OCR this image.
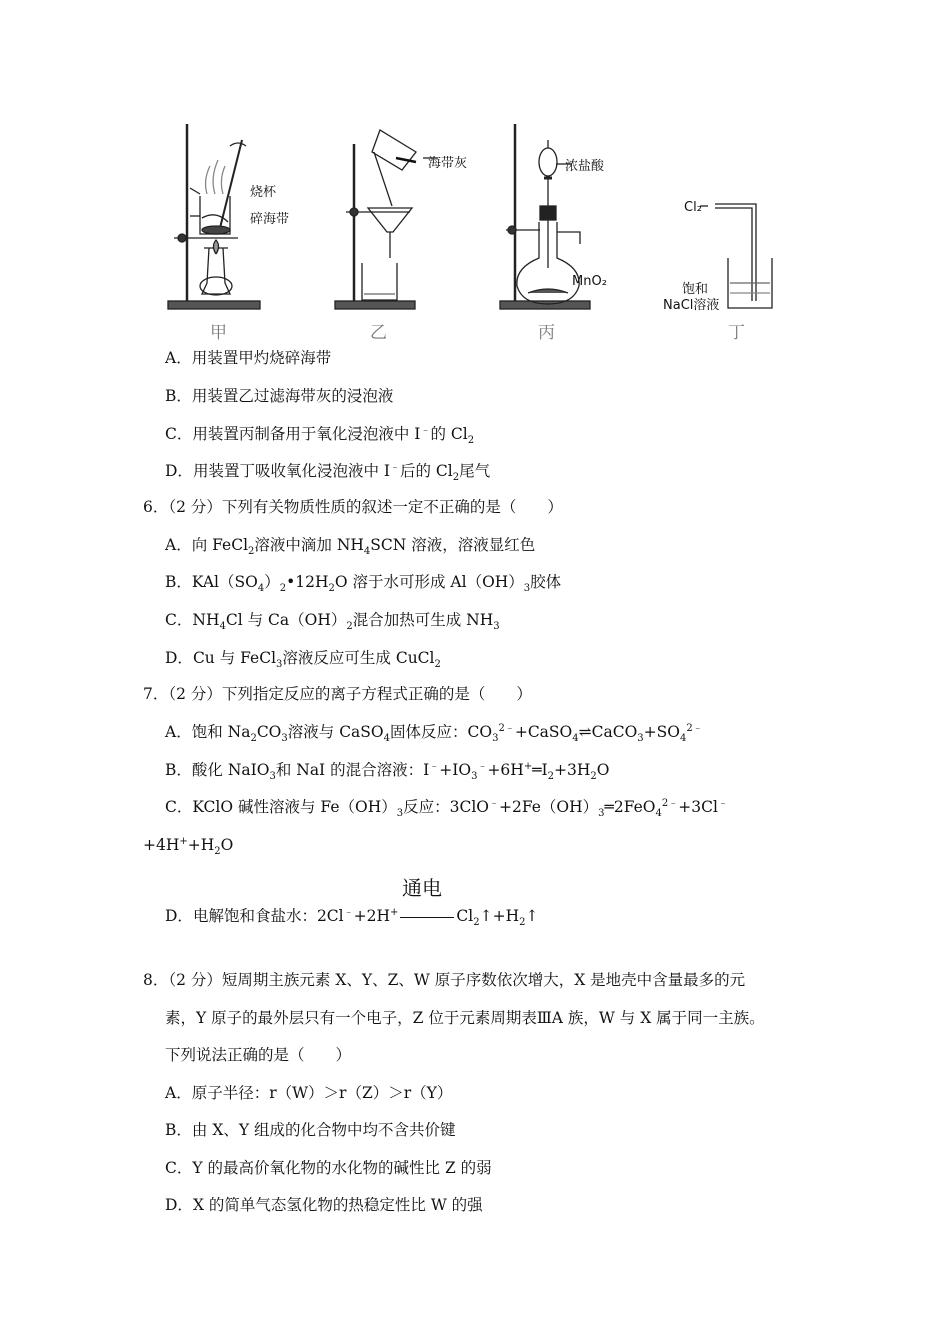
烧杯
碎海带
海带灰	浓盐酸
MnO₂
Cl₂
饱和
NaCl溶液
甲	乙	丙	丁
A．用装置甲灼烧碎海带
B．用装置乙过滤海带灰的浸泡液
C．用装置丙制备用于氧化浸泡液中 I﹣的 $Cl_2$
D．用装置丁吸收氧化浸泡液中 I﹣后的 $Cl_2$尾气
6．（2 分）下列有关物质性质的叙述一定不正确的是（　　）
A．向 FeCl$_2$溶液中滴加 $NH_4SCN$ 溶液，溶液显红色
B．$KAl(SO_4)_2•12H_2O$ 溶于水可形成 $Al(OH)_3$胶体
C．$NH_4Cl$ 与 $Ca(OH)_2$混合加热可生成 $NH_3$
D．Cu 与 FeCl$_3$溶液反应可生成 CuCl$_2$
7．（2 分）下列指定反应的离子方程式正确的是（　　）
A．饱和 $Na_2CO_3$溶液与 CaSO$_4$固体反应：$CO_3^{2﹣}+CaSO_4\rightleftharpoons CaCO_3+SO_4^{2﹣}$
B．酸化 NaIO$_3$和 NaI 的混合溶液：$I^﹣+IO_3^﹣+6H^+═I_2+3H_2O$
C．KClO 碱性溶液与 $Fe(OH)_3$反应：$3ClO^﹣+2Fe(OH)_3═2FeO_4^{2﹣}+3Cl^﹣$
$+4H^++H_2O$
通电
D．电解饱和食盐水：2Cl﹣+2H+	$Cl_2↑+H_2↑$
8．（2 分）短周期主族元素 X、Y、Z、W 原子序数依次增大，X 是地壳中含量最多的元
素，Y 原子的最外层只有一个电子，Z 位于元素周期表ⅢA 族，W 与 X 属于同一主族。
下列说法正确的是（　　）
A．原子半径：r（W）＞r（Z）＞r（Y）
B．由 X、Y 组成的化合物中均不含共价键
C．Y 的最高价氧化物的水化物的碱性比 Z 的弱
D．X 的简单气态氢化物的热稳定性比 W 的强
